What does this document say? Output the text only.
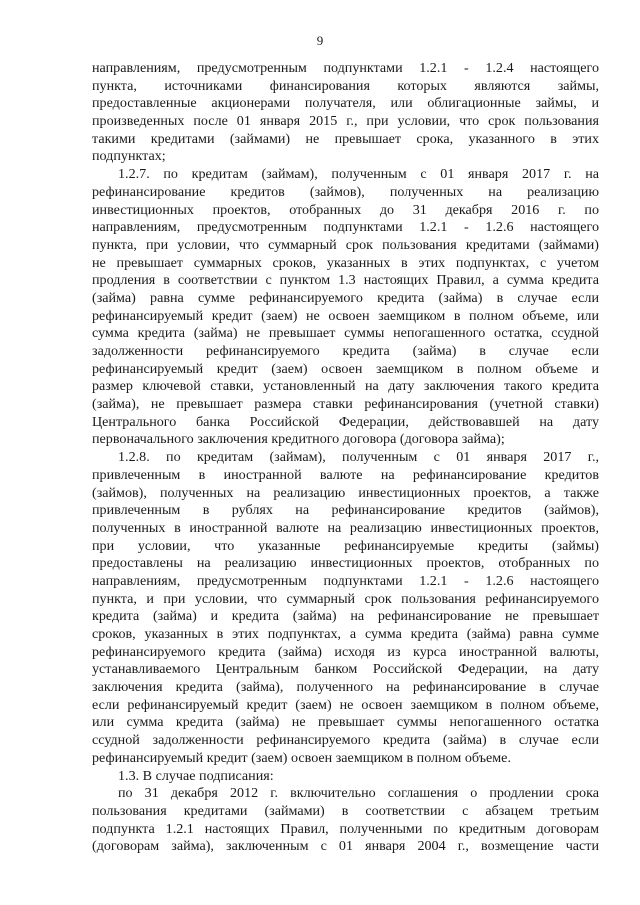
9
направлениям, предусмотренным подпунктами 1.2.1 - 1.2.4 настоящего
пункта, источниками финансирования которых являются займы,
предоставленные акционерами получателя, или облигационные займы, и
произведенных после 01 января 2015 г., при условии, что срок пользования
такими кредитами (займами) не превышает срока, указанного в этих
подпунктах;
1.2.7. по кредитам (займам), полученным с 01 января 2017 г. на
рефинансирование кредитов (займов), полученных на реализацию
инвестиционных проектов, отобранных до 31 декабря 2016 г. по
направлениям, предусмотренным подпунктами 1.2.1 - 1.2.6 настоящего
пункта, при условии, что суммарный срок пользования кредитами (займами)
не превышает суммарных сроков, указанных в этих подпунктах, с учетом
продления в соответствии с пунктом 1.3 настоящих Правил, а сумма кредита
(займа) равна сумме рефинансируемого кредита (займа) в случае если
рефинансируемый кредит (заем) не освоен заемщиком в полном объеме, или
сумма кредита (займа) не превышает суммы непогашенного остатка, ссудной
задолженности рефинансируемого кредита (займа) в случае если
рефинансируемый кредит (заем) освоен заемщиком в полном объеме и
размер ключевой ставки, установленный на дату заключения такого кредита
(займа), не превышает размера ставки рефинансирования (учетной ставки)
Центрального банка Российской Федерации, действовавшей на дату
первоначального заключения кредитного договора (договора займа);
1.2.8. по кредитам (займам), полученным с 01 января 2017 г.,
привлеченным в иностранной валюте на рефинансирование кредитов
(займов), полученных на реализацию инвестиционных проектов, а также
привлеченным в рублях на рефинансирование кредитов (займов),
полученных в иностранной валюте на реализацию инвестиционных проектов,
при условии, что указанные рефинансируемые кредиты (займы)
предоставлены на реализацию инвестиционных проектов, отобранных по
направлениям, предусмотренным подпунктами 1.2.1 - 1.2.6 настоящего
пункта, и при условии, что суммарный срок пользования рефинансируемого
кредита (займа) и кредита (займа) на рефинансирование не превышает
сроков, указанных в этих подпунктах, а сумма кредита (займа) равна сумме
рефинансируемого кредита (займа) исходя из курса иностранной валюты,
устанавливаемого Центральным банком Российской Федерации, на дату
заключения кредита (займа), полученного на рефинансирование в случае
если рефинансируемый кредит (заем) не освоен заемщиком в полном объеме,
или сумма кредита (займа) не превышает суммы непогашенного остатка
ссудной задолженности рефинансируемого кредита (займа) в случае если
рефинансируемый кредит (заем) освоен заемщиком в полном объеме.
1.3. В случае подписания:
по 31 декабря 2012 г. включительно соглашения о продлении срока
пользования кредитами (займами) в соответствии с абзацем третьим
подпункта 1.2.1 настоящих Правил, полученными по кредитным договорам
(договорам займа), заключенным с 01 января 2004 г., возмещение части
